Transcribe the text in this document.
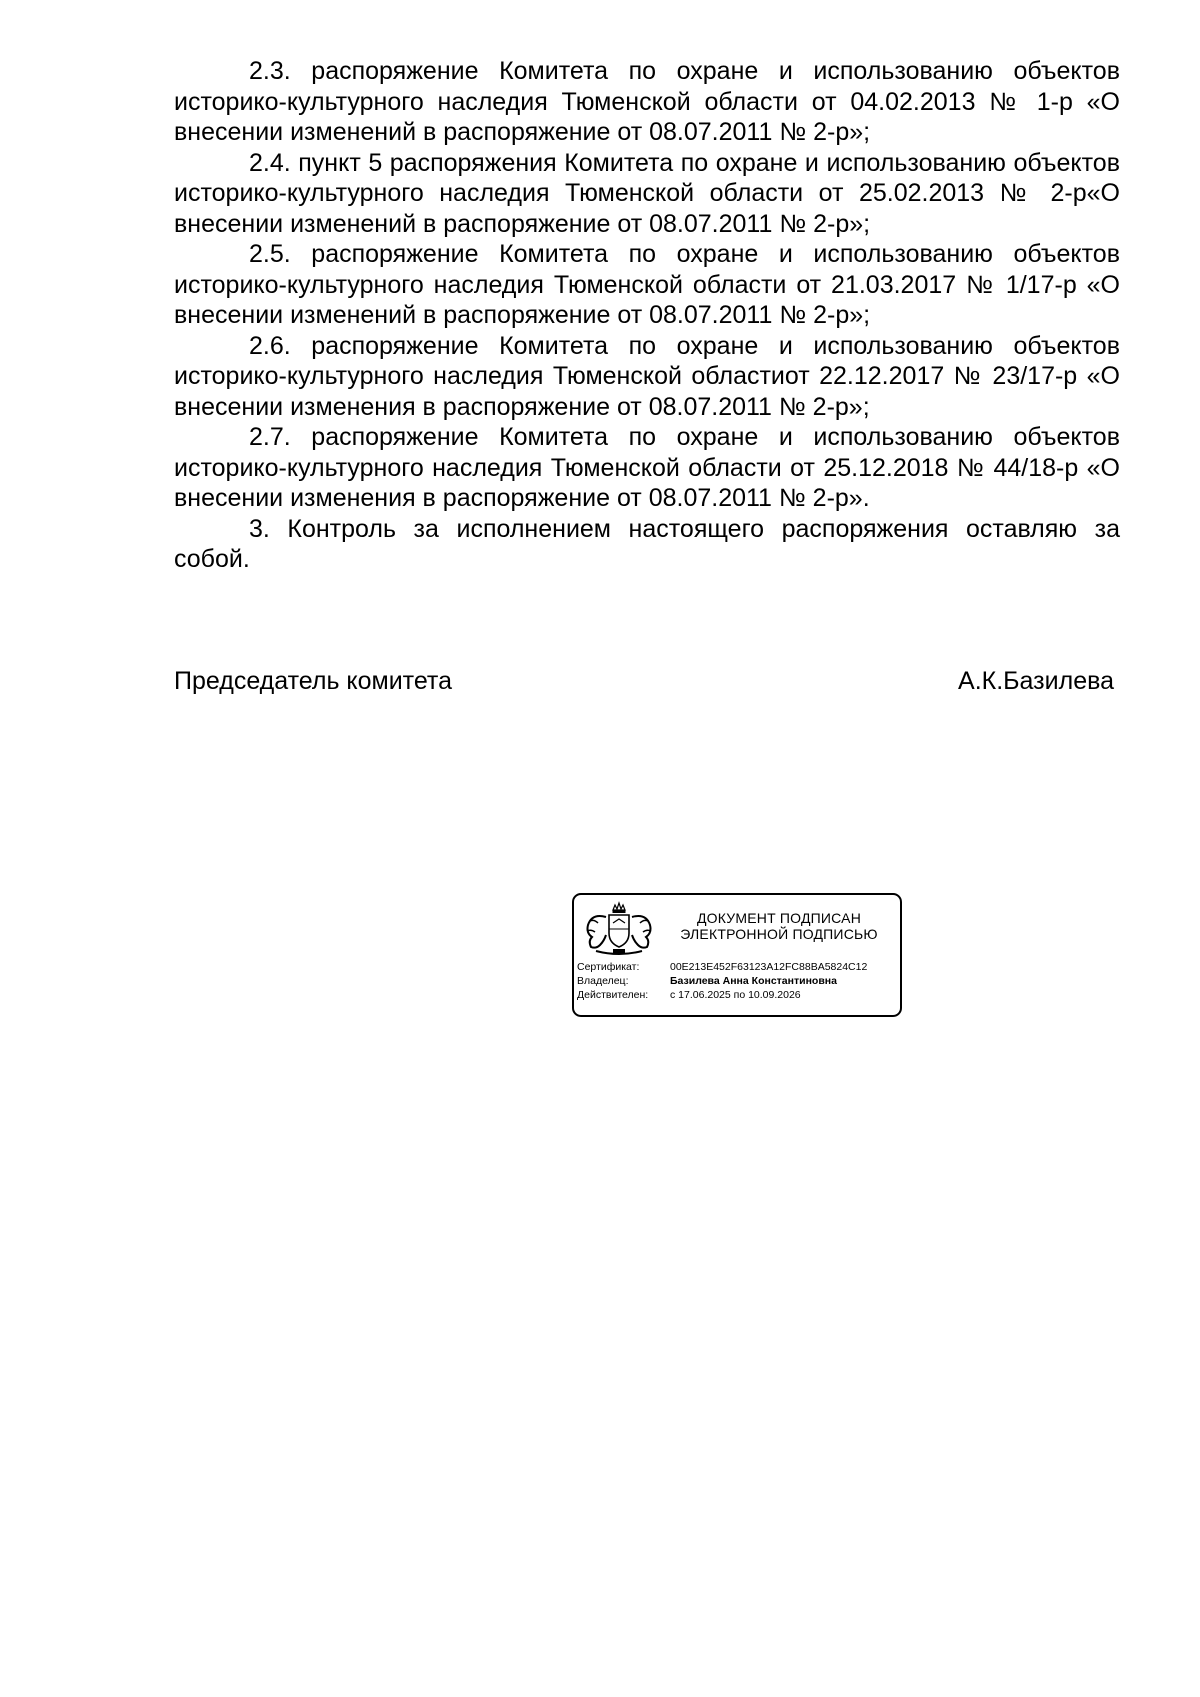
2.3. распоряжение Комитета по охране и использованию объектов историко-культурного наследия Тюменской области от 04.02.2013 № 1-р «О внесении изменений в распоряжение от 08.07.2011 № 2-р»;

2.4. пункт 5 распоряжения Комитета по охране и использованию объектов историко-культурного наследия Тюменской области от 25.02.2013 № 2-р«О внесении изменений в распоряжение от 08.07.2011 № 2-р»;

2.5. распоряжение Комитета по охране и использованию объектов историко-культурного наследия Тюменской области от 21.03.2017 № 1/17-р «О внесении изменений в распоряжение от 08.07.2011 № 2-р»;

2.6. распоряжение Комитета по охране и использованию объектов историко-культурного наследия Тюменской областиот 22.12.2017 № 23/17-р «О внесении изменения в распоряжение от 08.07.2011 № 2-р»;

2.7. распоряжение Комитета по охране и использованию объектов историко-культурного наследия Тюменской области от 25.12.2018 № 44/18-р «О внесении изменения в распоряжение от 08.07.2011 № 2-р».

3. Контроль за исполнением настоящего распоряжения оставляю за собой.

Председатель комитета	А.К.Базилева
ДОКУМЕНТ ПОДПИСАН
ЭЛЕКТРОННОЙ ПОДПИСЬЮ
Сертификат:	00E213E452F63123A12FC88BA5824C12
Владелец:	Базилева Анна Константиновна
Действителен:	с 17.06.2025 по 10.09.2026
